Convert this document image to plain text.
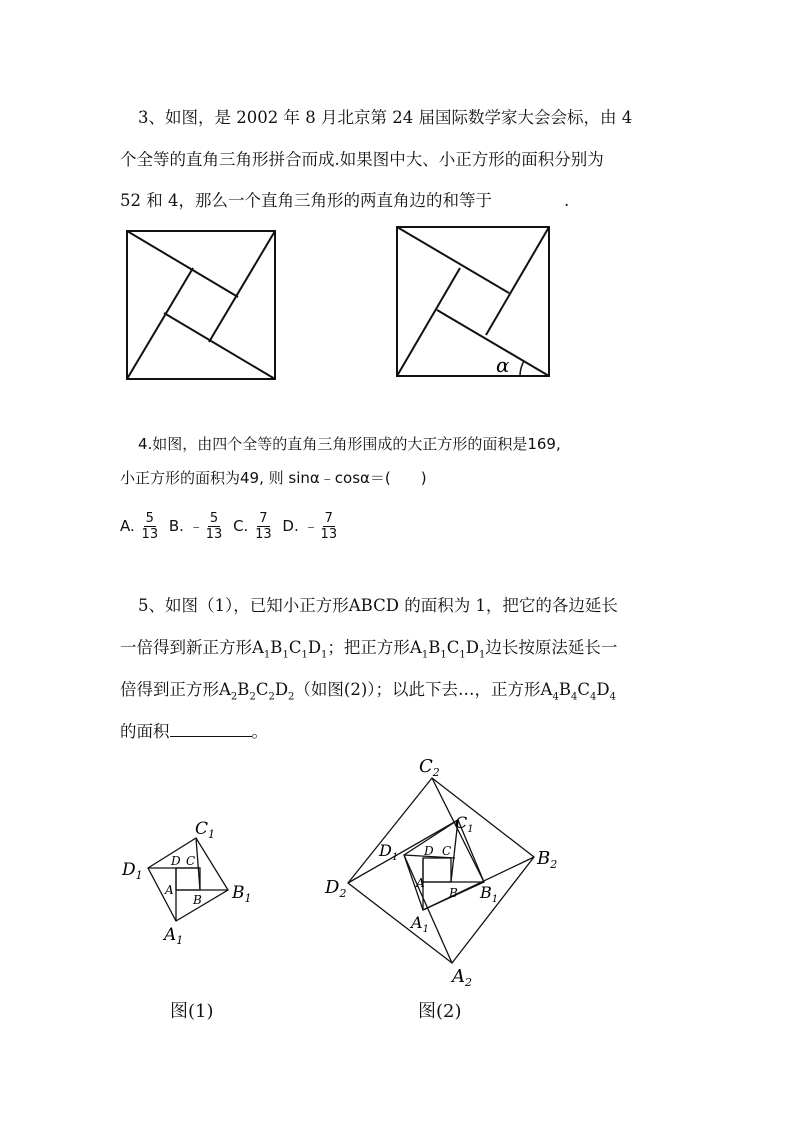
3、如图，是 2002 年 8 月北京第 24 届国际数学家大会会标，由 4
个全等的直角三角形拼合而成.如果图中大、小正方形的面积分别为
52 和 4，那么一个直角三角形的两直角边的和等于	.
α
4.如图，由四个全等的直角三角形围成的大正方形的面积是169,
小正方形的面积为49, 则 sinα﹣cosα＝(　　)
A. $\frac{5}{13} B$. ﹣ $\frac{5}{13} C$. $\frac{7}{13} D$. ﹣ $\frac{7}{13}$
5、如图（1），已知小正方形ABCD 的面积为 1，把它的各边延长
一倍得到新正方形$A_1B_1C_1D_1$；把正方形$A_1B_1C_1D_1$边长按原法延长一
倍得到正方形$A_2B_2C_2D_2$（如图(2)）；以此下去…，正方形$A_4B_4C_4D_4$
的面积	。
$D_1$
$C_1$
$B_1$
$A_1$
D C
A
B
$C_2$
$B_2$
$D_2$
$A_2$
$C_1$
$D_1$
$B_1$
$A_1$
D C
A
B
图(1)	图(2)
